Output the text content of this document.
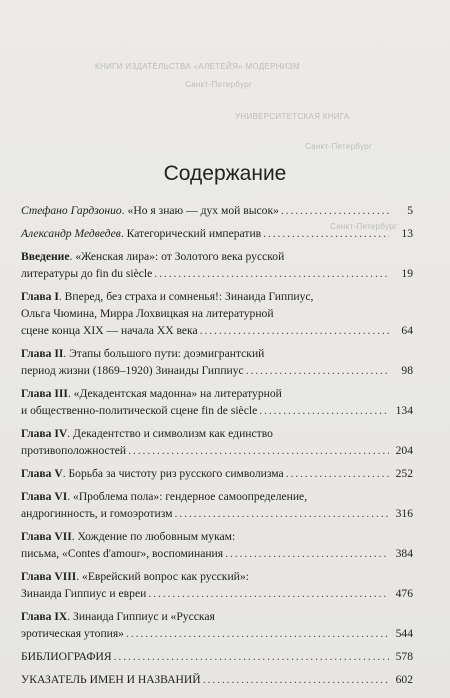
КНИГИ ИЗДАТЕЛЬСТВА «АЛЕТЕЙЯ» МОДЕРНИЗМ
Санкт-Петербург
УНИВЕРСИТЕТСКАЯ КНИГА
Санкт-Петербург
Санкт-Петербург
Содержание
Стефано Гардзонио. «Но я знаю — дух мой высок» . . .	5
Александр Медведев. Категорический императив . . .	13
Введение. «Женская лира»: от Золотого века русской
литературы до fin du siècle . . .	19
Глава I. Вперед, без страха и сомненья!: Зинаида Гиппиус,
Ольга Чюмина, Мирра Лохвицкая на литературной
сцене конца XIX — начала XX века . . .	64
Глава II. Этапы большого пути: доэмигрантский
период жизни (1869–1920) Зинаиды Гиппиус . . .	98
Глава III. «Декадентская мадонна» на литературной
и общественно-политической сцене fin de siècle . . .	134
Глава IV. Декадентство и символизм как единство
противоположностей . . .	204
Глава V. Борьба за чистоту риз русского символизма . . .	252
Глава VI. «Проблема пола»: гендерное самоопределение,
андрогинность, и гомоэротизм . . .	316
Глава VII. Хождение по любовным мукам:
письма, «Contes d'amour», воспоминания . . .	384
Глава VIII. «Еврейский вопрос как русский»:
Зинаида Гиппиус и евреи . . .	476
Глава IX. Зинаида Гиппиус и «Русская
эротическая утопия» . . .	544
БИБЛИОГРАФИЯ . . .	578
УКАЗАТЕЛЬ ИМЕН И НАЗВАНИЙ . . .	602
